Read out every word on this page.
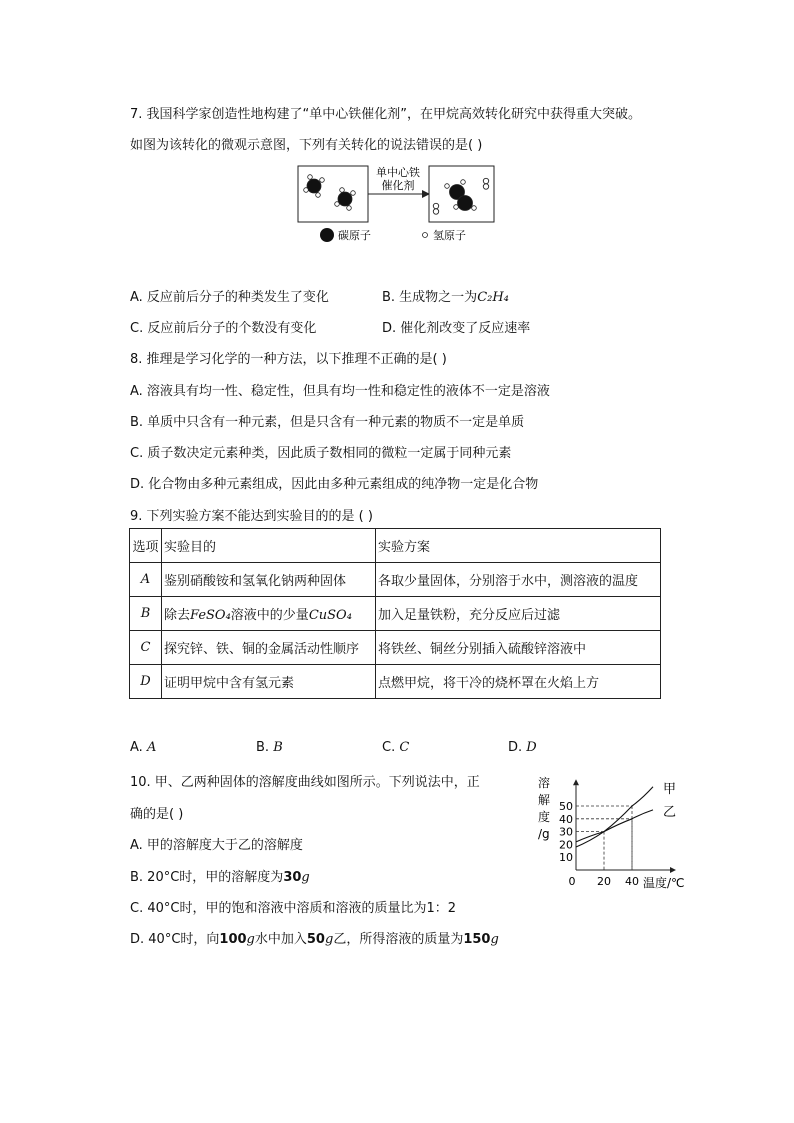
7. 我国科学家创造性地构建了“单中心铁催化剂”，在甲烷高效转化研究中获得重大突破。
如图为该转化的微观示意图，下列有关转化的说法错误的是( )
单中心铁
催化剂
碳原子	氢原子
A. 反应前后分子的种类发生了变化	B. 生成物之一为C₂H₄
C. 反应前后分子的个数没有变化	D. 催化剂改变了反应速率
8. 推理是学习化学的一种方法，以下推理不正确的是( )
A. 溶液具有均一性、稳定性，但具有均一性和稳定性的液体不一定是溶液
B. 单质中只含有一种元素，但是只含有一种元素的物质不一定是单质
C. 质子数决定元素种类，因此质子数相同的微粒一定属于同种元素
D. 化合物由多种元素组成，因此由多种元素组成的纯净物一定是化合物
9. 下列实验方案不能达到实验目的的是 ( )
选项	实验目的	实验方案
A	鉴别硝酸铵和氢氧化钠两种固体	各取少量固体，分别溶于水中，测溶液的温度
B	除去FeSO₄溶液中的少量CuSO₄	加入足量铁粉，充分反应后过滤
C	探究锌、铁、铜的金属活动性顺序	将铁丝、铜丝分别插入硫酸锌溶液中
D	证明甲烷中含有氢元素	点燃甲烷，将干冷的烧杯罩在火焰上方
A. A	B. B	C. C	D. D
10. 甲、乙两种固体的溶解度曲线如图所示。下列说法中，正
确的是( )
A. 甲的溶解度大于乙的溶解度
B. 20°C时，甲的溶解度为30g
C. 40°C时，甲的饱和溶液中溶质和溶液的质量比为1：2
D. 40°C时，向100g水中加入50g乙，所得溶液的质量为150g
溶
解
度
/g
0 20 40
10
20
30
40
50
甲
乙
温度/℃
